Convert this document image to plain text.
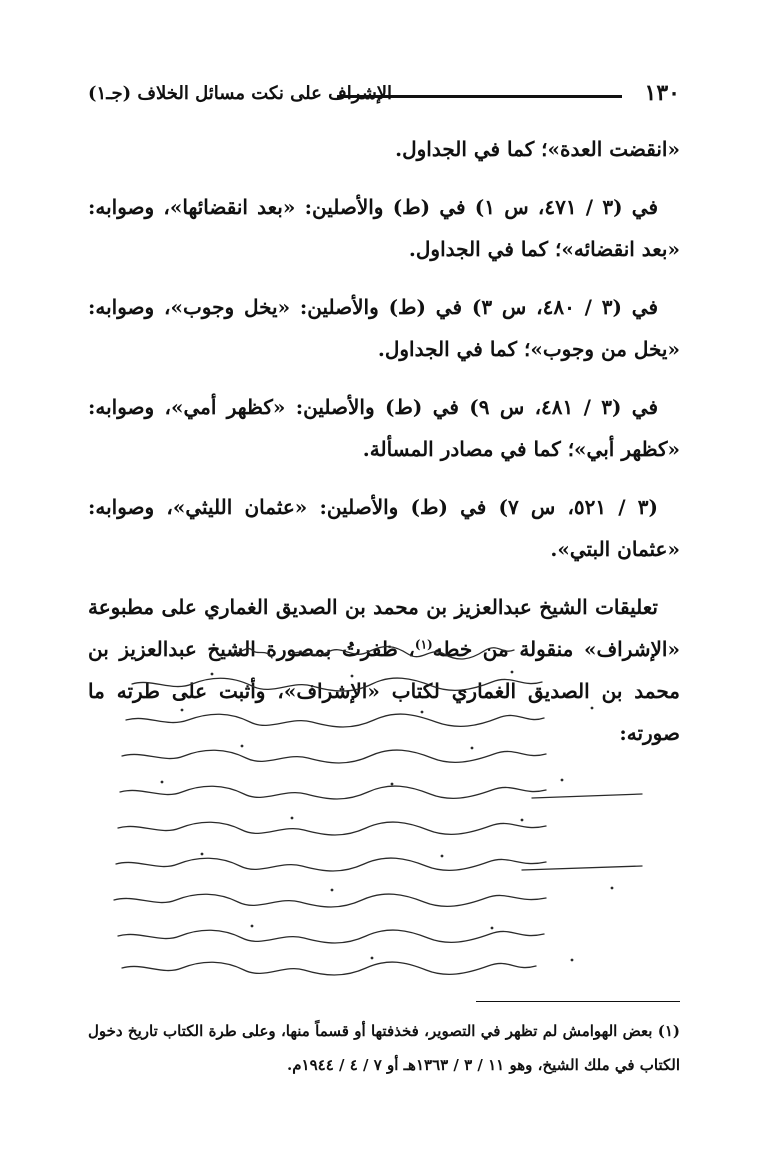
١٣٠
الإشراف على نكت مسائل الخلاف (جـ١)

«انقضت العدة»؛ كما في الجداول.

في (٣ / ٤٧١، س ١) في (ط) والأصلين: «بعد انقضائها»، وصوابه: «بعد انقضائه»؛ كما في الجداول.

في (٣ / ٤٨٠، س ٣) في (ط) والأصلين: «يخل وجوب»، وصوابه: «يخل من وجوب»؛ كما في الجداول.

في (٣ / ٤٨١، س ٩) في (ط) والأصلين: «كظهر أمي»، وصوابه: «كظهر أبي»؛ كما في مصادر المسألة.

(٣ / ٥٢١، س ٧) في (ط) والأصلين: «عثمان الليثي»، وصوابه: «عثمان البتي».

تعليقات الشيخ عبدالعزيز بن محمد بن الصديق الغماري على مطبوعة «الإشراف» منقولة من خطه$^{(١)}$، ظفرتُ بمصورة الشيخ عبدالعزيز بن محمد بن الصديق الغماري لكتاب «الإشراف»، وأثبت على طرته ما صورته:

(١) بعض الهوامش لم تظهر في التصوير، فخذفتها أو قسماً منها، وعلى طرة الكتاب تاريخ دخول الكتاب في ملك الشيخ، وهو ١١ / ٣ / ١٣٦٣هـ أو ٧ / ٤ / ١٩٤٤م.
